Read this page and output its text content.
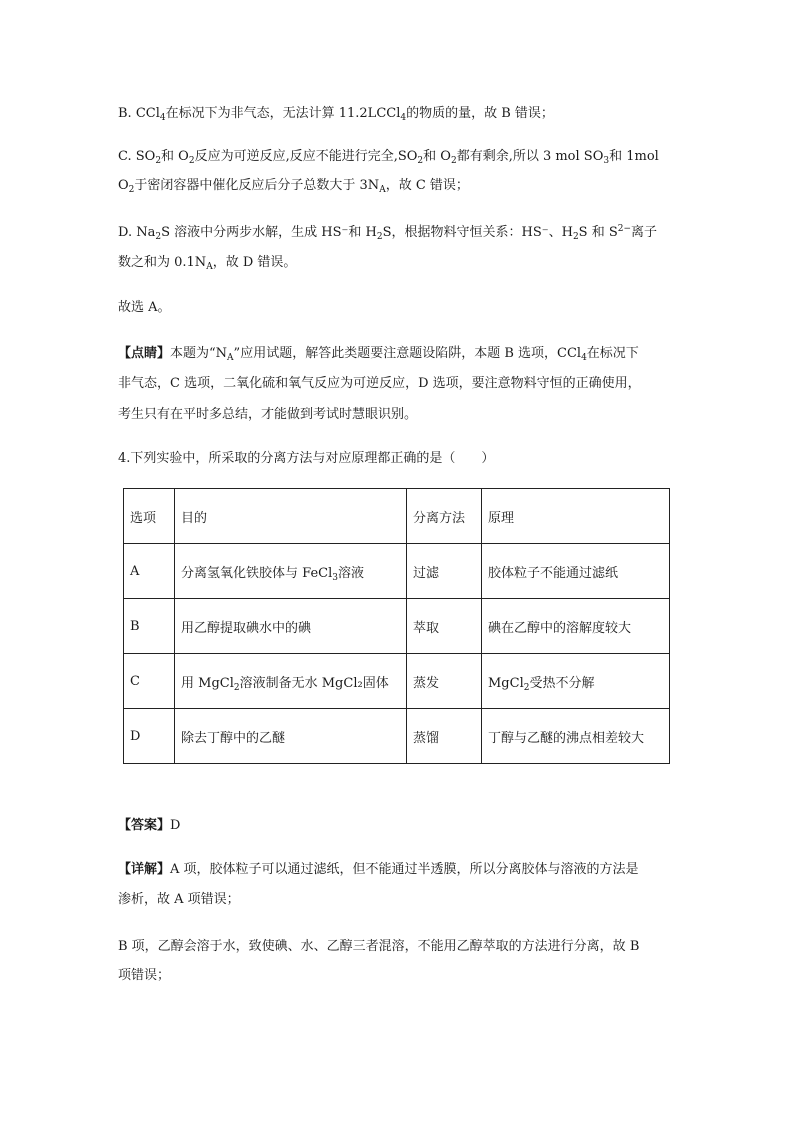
B. CCl$_4$在标况下为非气态，无法计算 11.2LCCl$_4$的物质的量，故 B 错误；
C. $SO_2$和 $O_2$反应为可逆反应,反应不能进行完全$,SO_2$和 $O_2$都有剩余,所以 3 mol $SO_3$和 1mol
$O_2$于密闭容器中催化反应后分子总数大于 $3N_A$，故 C 错误；
D. $Na_2S$ 溶液中分两步水解，生成 HS⁻和 $H_2S$，根据物料守恒关系：HS⁻、$H_2S$ 和 $S^{2-}$离子
数之和为 $0.1N_A$，故 D 错误。
故选 A。
【点睛】本题为“$N_A$”应用试题，解答此类题要注意题设陷阱，本题 B 选项，CCl$_4$在标况下
非气态，C 选项，二氧化硫和氧气反应为可逆反应，D 选项，要注意物料守恒的正确使用，
考生只有在平时多总结，才能做到考试时慧眼识别。
4.下列实验中，所采取的分离方法与对应原理都正确的是（　　）
选项	目的	分离方法	原理
A	分离氢氧化铁胶体与 FeCl$_3$溶液	过滤	胶体粒子不能通过滤纸
B	用乙醇提取碘水中的碘	萃取	碘在乙醇中的溶解度较大
C	用 MgCl$_2$溶液制备无水 MgCl₂固体	蒸发	MgCl$_2$受热不分解
D	除去丁醇中的乙醚	蒸馏	丁醇与乙醚的沸点相差较大
【答案】D
【详解】A 项，胶体粒子可以通过滤纸，但不能通过半透膜，所以分离胶体与溶液的方法是
渗析，故 A 项错误；
B 项，乙醇会溶于水，致使碘、水、乙醇三者混溶，不能用乙醇萃取的方法进行分离，故 B
项错误；
